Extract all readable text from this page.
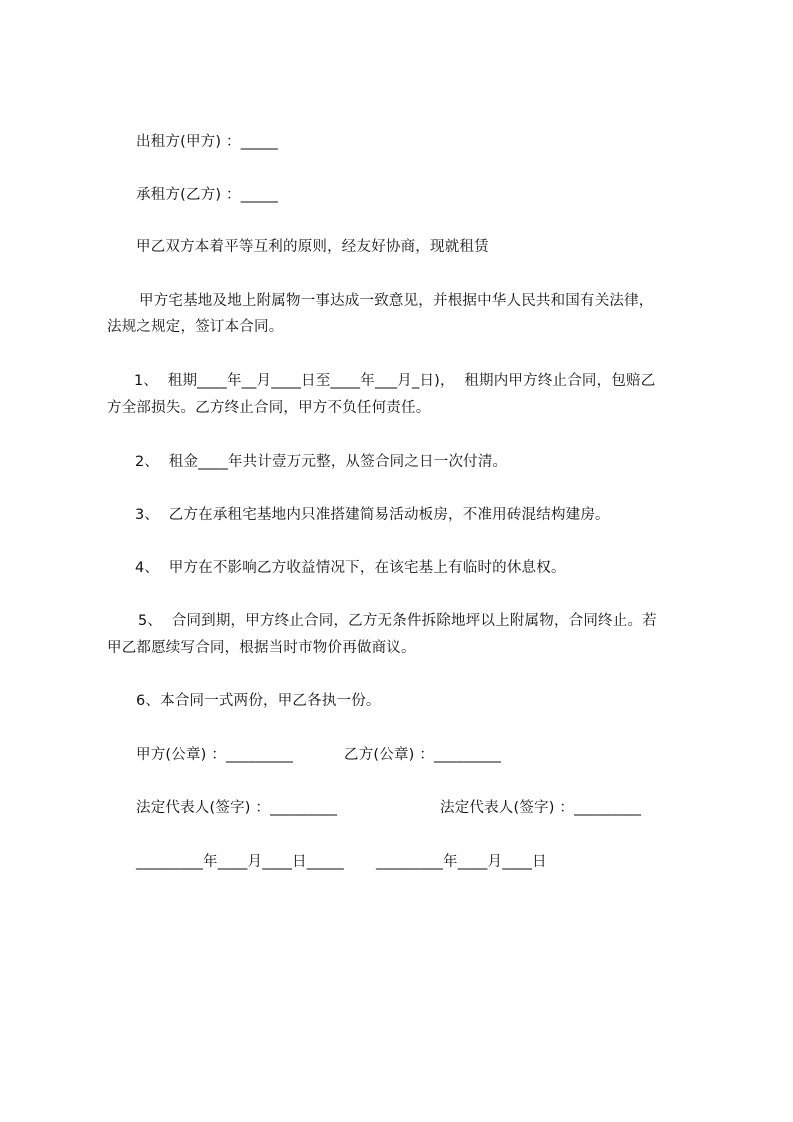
出租方(甲方) ：_____
承租方(乙方) ：_____
甲乙双方本着平等互利的原则，经友好协商，现就租赁
甲方宅基地及地上附属物一事达成一致意见，并根据中华人民共和国有关法律，
法规之规定，签订本合同。
1、  租期____年__月____日至____年___月_日)，  租期内甲方终止合同，包赔乙
方全部损失。乙方终止合同，甲方不负任何责任。
2、  租金____年共计壹万元整，从签合同之日一次付清。
3、  乙方在承租宅基地内只准搭建简易活动板房，不准用砖混结构建房。
4、  甲方在不影响乙方收益情况下，在该宅基上有临时的休息权。
5、  合同到期，甲方终止合同，乙方无条件拆除地坪以上附属物，合同终止。若
甲乙都愿续写合同，根据当时市物价再做商议。
6、本合同一式两份，甲乙各执一份。
甲方(公章) ：_________	乙方(公章) ：_________
法定代表人(签字) ：_________	法定代表人(签字) ：_________
_________年____月____日_____ _________年____月____日
